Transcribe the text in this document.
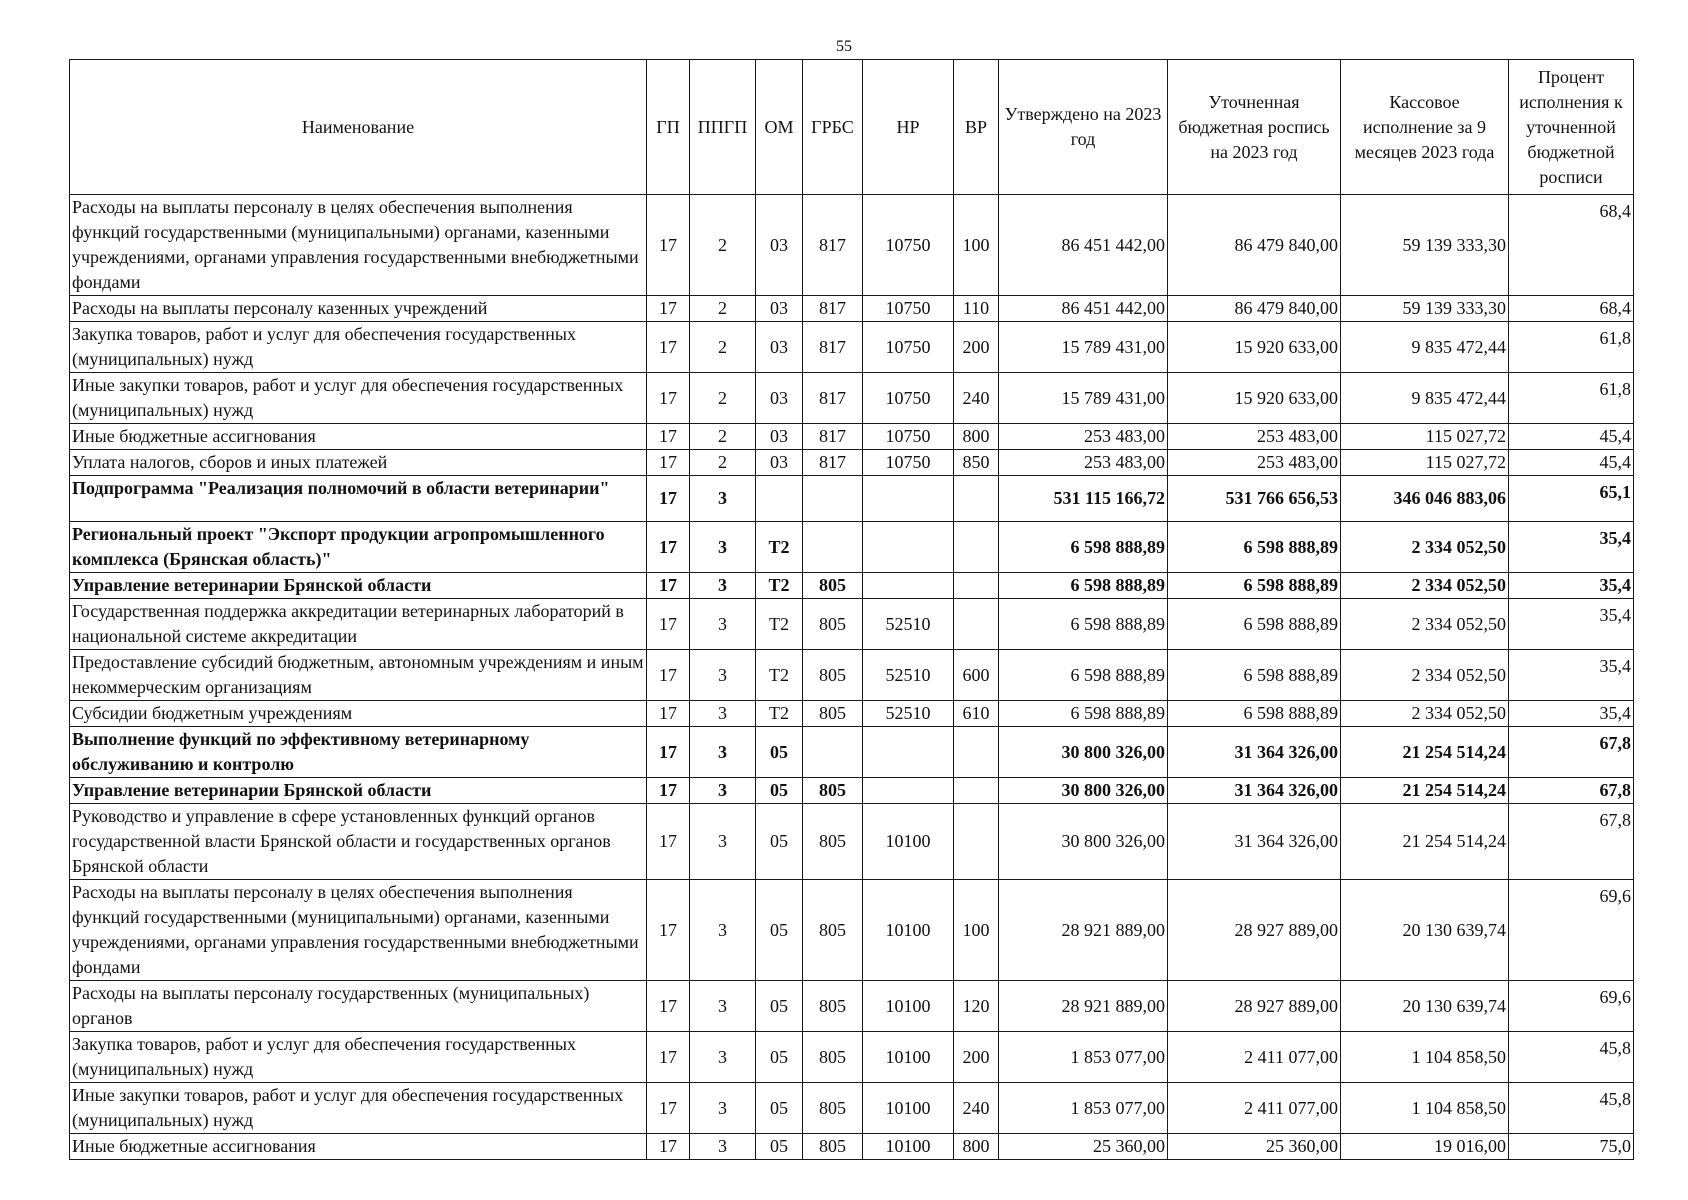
55
Наименование	ГП	ППГП	ОМ	ГРБС	НР	ВР	Утверждено на 2023 год	Уточненная бюджетная роспись на 2023 год	Кассовое исполнение за 9 месяцев 2023 года	Процент исполнения к уточненной бюджетной росписи
Расходы на выплаты персоналу в целях обеспечения выполнения функций государственными (муниципальными) органами, казенными учреждениями, органами управления государственными внебюджетными фондами	17	2	03	817	10750	100	86 451 442,00	86 479 840,00	59 139 333,30	68,4
Расходы на выплаты персоналу казенных учреждений	17	2	03	817	10750	110	86 451 442,00	86 479 840,00	59 139 333,30	68,4
Закупка товаров, работ и услуг для обеспечения государственных (муниципальных) нужд	17	2	03	817	10750	200	15 789 431,00	15 920 633,00	9 835 472,44	61,8
Иные закупки товаров, работ и услуг для обеспечения государственных (муниципальных) нужд	17	2	03	817	10750	240	15 789 431,00	15 920 633,00	9 835 472,44	61,8
Иные бюджетные ассигнования	17	2	03	817	10750	800	253 483,00	253 483,00	115 027,72	45,4
Уплата налогов, сборов и иных платежей	17	2	03	817	10750	850	253 483,00	253 483,00	115 027,72	45,4
Подпрограмма "Реализация полномочий в области ветеринарии"	17	3					531 115 166,72	531 766 656,53	346 046 883,06	65,1
Региональный проект "Экспорт продукции агропромышленного комплекса (Брянская область)"	17	3	T2				6 598 888,89	6 598 888,89	2 334 052,50	35,4
Управление ветеринарии Брянской области	17	3	T2	805			6 598 888,89	6 598 888,89	2 334 052,50	35,4
Государственная поддержка аккредитации ветеринарных лабораторий в национальной системе аккредитации	17	3	T2	805	52510		6 598 888,89	6 598 888,89	2 334 052,50	35,4
Предоставление субсидий бюджетным, автономным учреждениям и иным некоммерческим организациям	17	3	T2	805	52510	600	6 598 888,89	6 598 888,89	2 334 052,50	35,4
Субсидии бюджетным учреждениям	17	3	T2	805	52510	610	6 598 888,89	6 598 888,89	2 334 052,50	35,4
Выполнение функций по эффективному ветеринарному обслуживанию и контролю	17	3	05				30 800 326,00	31 364 326,00	21 254 514,24	67,8
Управление ветеринарии Брянской области	17	3	05	805			30 800 326,00	31 364 326,00	21 254 514,24	67,8
Руководство и управление в сфере установленных функций органов государственной власти Брянской области и государственных органов Брянской области	17	3	05	805	10100		30 800 326,00	31 364 326,00	21 254 514,24	67,8
Расходы на выплаты персоналу в целях обеспечения выполнения функций государственными (муниципальными) органами, казенными учреждениями, органами управления государственными внебюджетными фондами	17	3	05	805	10100	100	28 921 889,00	28 927 889,00	20 130 639,74	69,6
Расходы на выплаты персоналу государственных (муниципальных) органов	17	3	05	805	10100	120	28 921 889,00	28 927 889,00	20 130 639,74	69,6
Закупка товаров, работ и услуг для обеспечения государственных (муниципальных) нужд	17	3	05	805	10100	200	1 853 077,00	2 411 077,00	1 104 858,50	45,8
Иные закупки товаров, работ и услуг для обеспечения государственных (муниципальных) нужд	17	3	05	805	10100	240	1 853 077,00	2 411 077,00	1 104 858,50	45,8
Иные бюджетные ассигнования	17	3	05	805	10100	800	25 360,00	25 360,00	19 016,00	75,0
